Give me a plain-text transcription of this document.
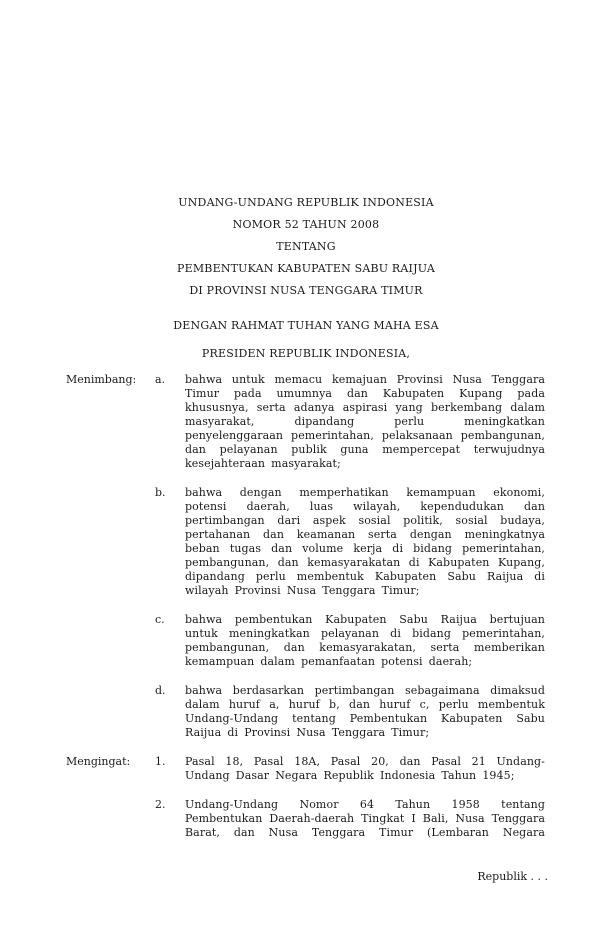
UNDANG-UNDANG REPUBLIK INDONESIA
NOMOR 52 TAHUN 2008
TENTANG
PEMBENTUKAN KABUPATEN SABU RAIJUA
DI PROVINSI NUSA TENGGARA TIMUR
DENGAN RAHMAT TUHAN YANG MAHA ESA
PRESIDEN REPUBLIK INDONESIA,
Menimbang:	a.	bahwa untuk memacu kemajuan Provinsi Nusa Tenggara Timur pada umumnya dan Kabupaten Kupang pada khususnya, serta adanya aspirasi yang berkembang dalam masyarakat, dipandang perlu meningkatkan penyelenggaraan pemerintahan, pelaksanaan pembangunan, dan pelayanan publik guna mempercepat terwujudnya kesejahteraan masyarakat;

b.	bahwa dengan memperhatikan kemampuan ekonomi, potensi daerah, luas wilayah, kependudukan dan pertimbangan dari aspek sosial politik, sosial budaya, pertahanan dan keamanan serta dengan meningkatnya beban tugas dan volume kerja di bidang pemerintahan, pembangunan, dan kemasyarakatan di Kabupaten Kupang, dipandang perlu membentuk Kabupaten Sabu Raijua di wilayah Provinsi Nusa Tenggara Timur;

c.	bahwa pembentukan Kabupaten Sabu Raijua bertujuan untuk meningkatkan pelayanan di bidang pemerintahan, pembangunan, dan kemasyarakatan, serta memberikan kemampuan dalam pemanfaatan potensi daerah;

d.	bahwa berdasarkan pertimbangan sebagaimana dimaksud dalam huruf a, huruf b, dan huruf c, perlu membentuk Undang-Undang tentang Pembentukan Kabupaten Sabu Raijua di Provinsi Nusa Tenggara Timur;

Mengingat:	1.	Pasal 18, Pasal 18A, Pasal 20, dan Pasal 21 Undang-Undang Dasar Negara Republik Indonesia Tahun 1945;

2.	Undang-Undang Nomor 64 Tahun 1958 tentang Pembentukan Daerah-daerah Tingkat I Bali, Nusa Tenggara Barat, dan Nusa Tenggara Timur (Lembaran Negara

Republik . . .
